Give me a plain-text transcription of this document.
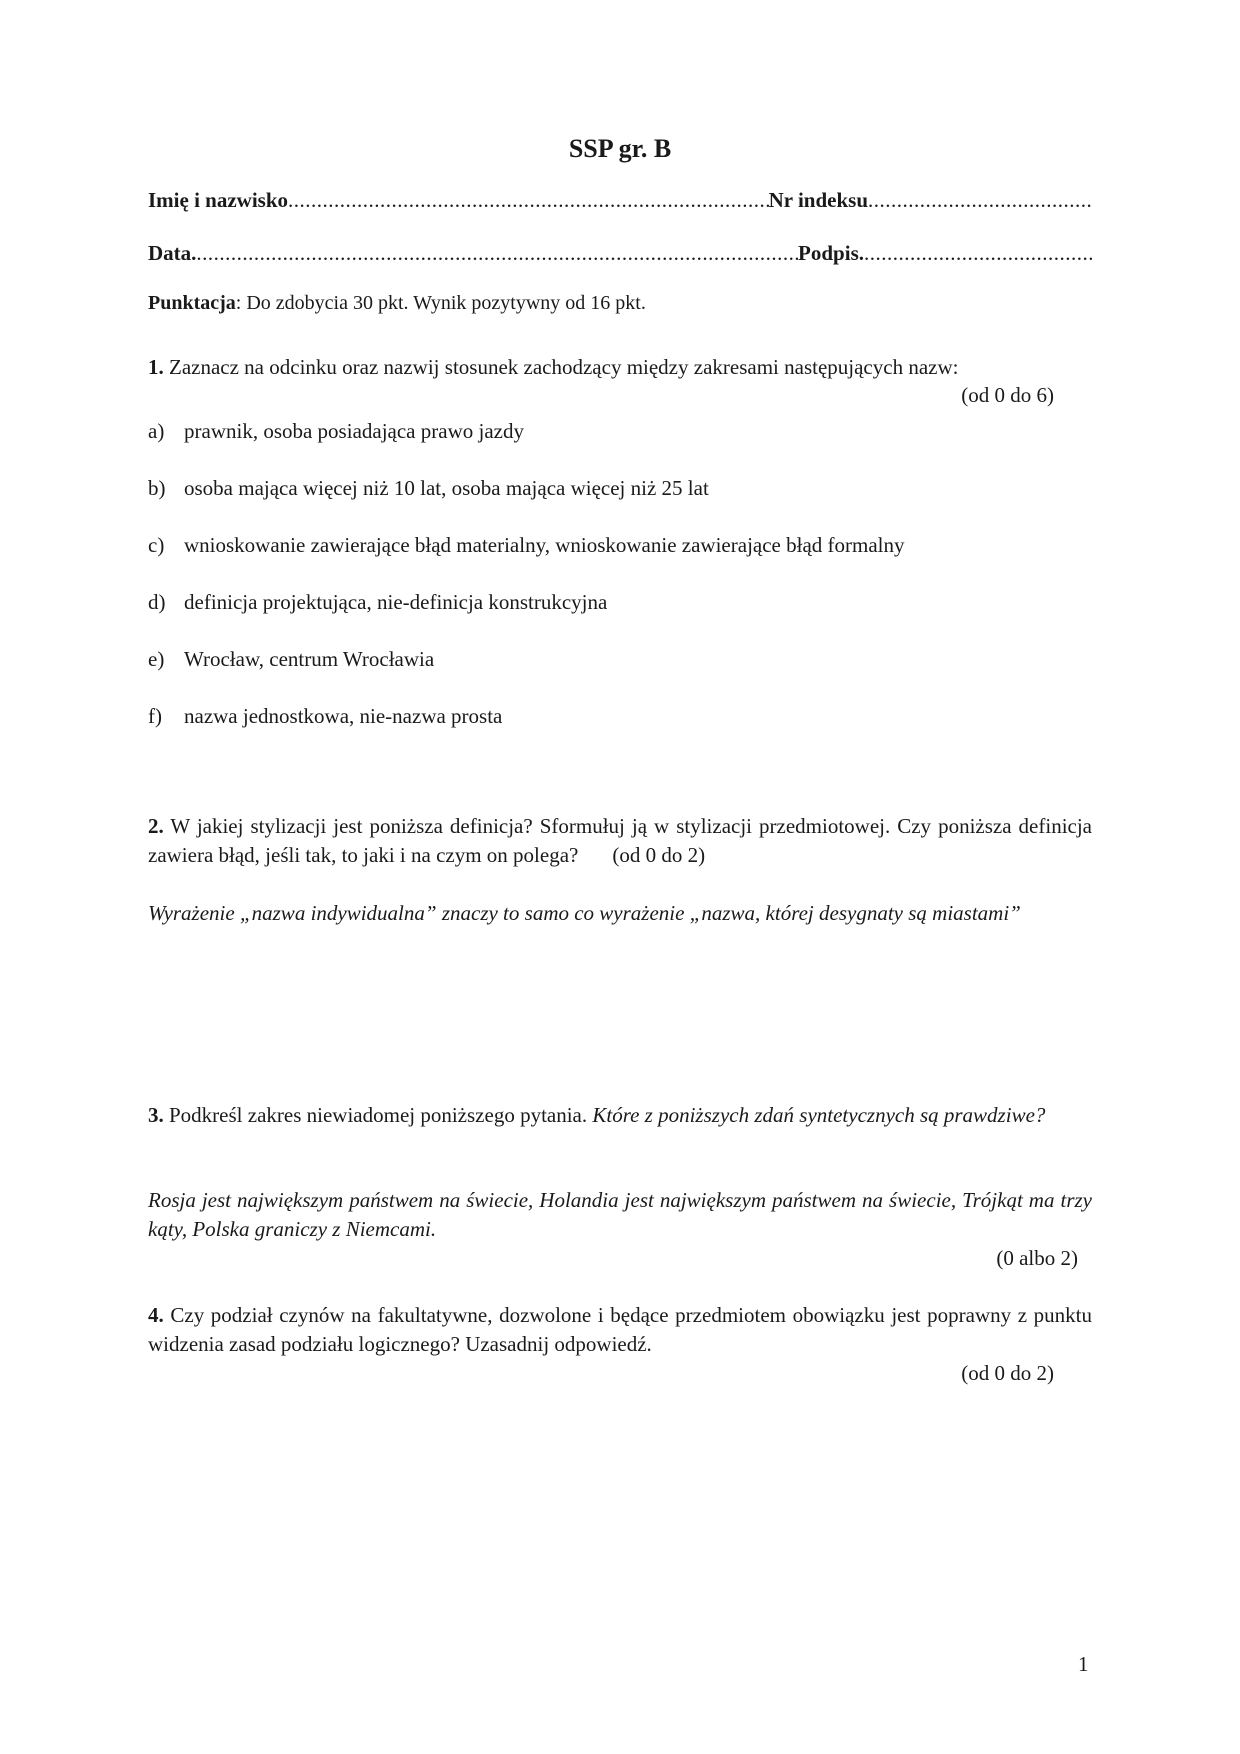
SSP gr. B
Imię i nazwisko .....	Nr indeksu
.....
Data. .....	Podpis.
.....

Punktacja: Do zdobycia 30 pkt. Wynik pozytywny od 16 pkt.

(od 0 do 6)

1. Zaznacz na odcinku oraz nazwij stosunek zachodzący między zakresami następujących nazw:

a) prawnik, osoba posiadająca prawo jazdy
b) osoba mająca więcej niż 10 lat, osoba mająca więcej niż 25 lat
c) wnioskowanie zawierające błąd materialny, wnioskowanie zawierające błąd formalny
d) definicja projektująca, nie-definicja konstrukcyjna
e) Wrocław, centrum Wrocławia
f)	nazwa jednostkowa, nie-nazwa prosta

2. W jakiej stylizacji jest poniższa definicja? Sformułuj ją w stylizacji przedmiotowej. Czy poniższa definicja zawiera błąd, jeśli tak, to jaki i na czym on polega? (od 0 do 2)

Wyrażenie „nazwa indywidualna” znaczy to samo co wyrażenie „nazwa, której desygnaty są miastami”

3. Podkreśl zakres niewiadomej poniższego pytania. Które z poniższych zdań syntetycznych są prawdziwe?

Rosja jest największym państwem na świecie, Holandia jest największym państwem na świecie, Trójkąt ma trzy kąty, Polska graniczy z Niemcami.

(0 albo 2)

4. Czy podział czynów na fakultatywne, dozwolone i będące przedmiotem obowiązku jest poprawny z punktu widzenia zasad podziału logicznego? Uzasadnij odpowiedź.

(od 0 do 2)
1
